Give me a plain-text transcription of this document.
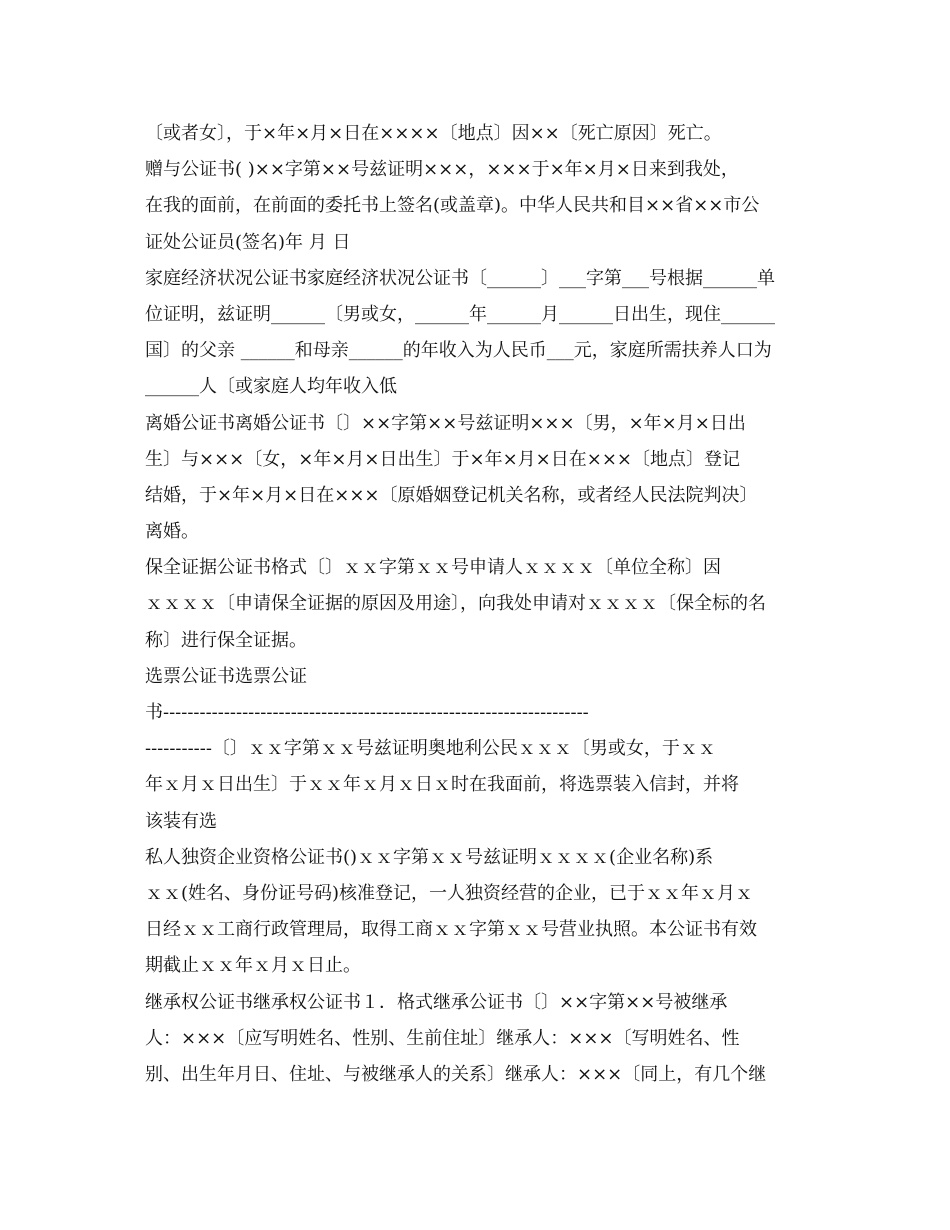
〔或者女〕，于×年×月×日在××××〔地点〕因××〔死亡原因〕死亡。
赠与公证书( )××字第××号兹证明×××，×××于×年×月×日来到我处，
在我的面前，在前面的委托书上签名(或盖章)。中华人民共和目××省××市公
证处公证员(签名)年 月 日
家庭经济状况公证书家庭经济状况公证书〔______〕___字第___号根据______单
位证明，兹证明______〔男或女，______年______月______日出生，现住______
国〕的父亲 ______和母亲______的年收入为人民币___元，家庭所需扶养人口为
______人〔或家庭人均年收入低
离婚公证书离婚公证书〔〕××字第××号兹证明×××〔男，×年×月×日出
生〕与×××〔女，×年×月×日出生〕于×年×月×日在×××〔地点〕登记
结婚，于×年×月×日在×××〔原婚姻登记机关名称，或者经人民法院判决〕
离婚。
保全证据公证书格式〔〕ｘｘ字第ｘｘ号申请人ｘｘｘｘ〔单位全称〕因
ｘｘｘｘ〔申请保全证据的原因及用途〕，向我处申请对ｘｘｘｘ〔保全标的名
称〕进行保全证据。
选票公证书选票公证
书----------------------------------------------------------------------
-----------〔〕ｘｘ字第ｘｘ号兹证明奥地利公民ｘｘｘ〔男或女，于ｘｘ
年ｘ月ｘ日出生〕于ｘｘ年ｘ月ｘ日ｘ时在我面前，将选票装入信封，并将
该装有选
私人独资企业资格公证书()ｘｘ字第ｘｘ号兹证明ｘｘｘｘ(企业名称)系
ｘｘ(姓名、身份证号码)核准登记，一人独资经营的企业，已于ｘｘ年ｘ月ｘ
日经ｘｘ工商行政管理局，取得工商ｘｘ字第ｘｘ号营业执照。本公证书有效
期截止ｘｘ年ｘ月ｘ日止。
继承权公证书继承权公证书１．格式继承公证书〔〕××字第××号被继承
人：×××〔应写明姓名、性别、生前住址〕继承人：×××〔写明姓名、性
别、出生年月日、住址、与被继承人的关系〕继承人：×××〔同上，有几个继
